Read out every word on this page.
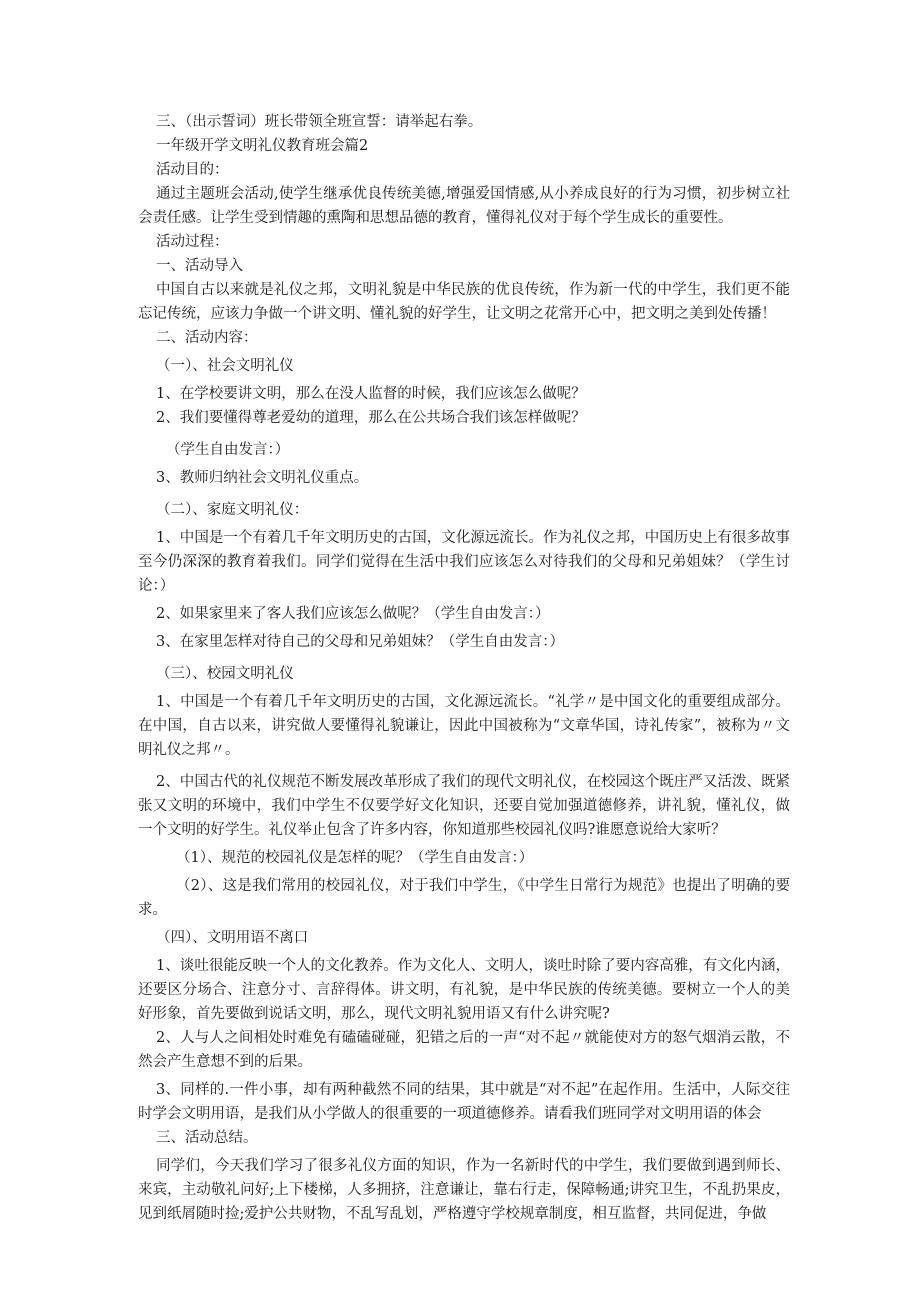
三、（出示誓词）班长带领全班宣誓：请举起右拳。

一年级开学文明礼仪教育班会篇2

活动目的：

通过主题班会活动,使学生继承优良传统美德,增强爱国情感,从小养成良好的行为习惯，初步树立社会责任感。让学生受到情趣的熏陶和思想品德的教育，懂得礼仪对于每个学生成长的重要性。

活动过程：

一、活动导入

中国自古以来就是礼仪之邦，文明礼貌是中华民族的优良传统，作为新一代的中学生，我们更不能忘记传统，应该力争做一个讲文明、懂礼貌的好学生，让文明之花常开心中，把文明之美到处传播！

二、活动内容：

（一）、社会文明礼仪

1、在学校要讲文明，那么在没人监督的时候，我们应该怎么做呢？

2、我们要懂得尊老爱幼的道理，那么在公共场合我们该怎样做呢？

（学生自由发言：）

3、教师归纳社会文明礼仪重点。

（二）、家庭文明礼仪：

1、中国是一个有着几千年文明历史的古国，文化源远流长。作为礼仪之邦，中国历史上有很多故事至今仍深深的教育着我们。同学们觉得在生活中我们应该怎么对待我们的父母和兄弟姐妹？（学生讨论：）

2、如果家里来了客人我们应该怎么做呢？（学生自由发言：）

3、在家里怎样对待自己的父母和兄弟姐妹？（学生自由发言：）

（三）、校园文明礼仪

1、中国是一个有着几千年文明历史的古国，文化源远流长。“礼学〃是中国文化的重要组成部分。在中国，自古以来，讲究做人要懂得礼貌谦让，因此中国被称为“文章华国，诗礼传家”，被称为〃文明礼仪之邦〃。

2、中国古代的礼仪规范不断发展改革形成了我们的现代文明礼仪，在校园这个既庄严又活泼、既紧张又文明的环境中，我们中学生不仅要学好文化知识，还要自觉加强道德修养，讲礼貌，懂礼仪，做一个文明的好学生。礼仪举止包含了许多内容，你知道那些校园礼仪吗?谁愿意说给大家听？

（1）、规范的校园礼仪是怎样的呢？（学生自由发言：）

（2）、这是我们常用的校园礼仪，对于我们中学生，《中学生日常行为规范》也提出了明确的要求。

（四）、文明用语不离口

1、谈吐很能反映一个人的文化教养。作为文化人、文明人，谈吐时除了要内容高雅，有文化内涵，还要区分场合、注意分寸、言辞得体。讲文明，有礼貌，是中华民族的传统美德。要树立一个人的美好形象，首先要做到说话文明，那么，现代文明礼貌用语又有什么讲究呢?

2、人与人之间相处时难免有磕磕碰碰，犯错之后的一声“对不起〃就能使对方的怒气烟消云散，不然会产生意想不到的后果。

3、同样的.一件小事，却有两种截然不同的结果，其中就是“对不起”在起作用。生活中，人际交往时学会文明用语，是我们从小学做人的很重要的一项道德修养。请看我们班同学对文明用语的体会

三、活动总结。

同学们，今天我们学习了很多礼仪方面的知识，作为一名新时代的中学生，我们要做到遇到师长、来宾，主动敬礼问好;上下楼梯，人多拥挤，注意谦让，靠右行走，保障畅通;讲究卫生，不乱扔果皮，见到纸屑随时捡;爱护公共财物，不乱写乱划，严格遵守学校规章制度，相互监督，共同促进，争做
